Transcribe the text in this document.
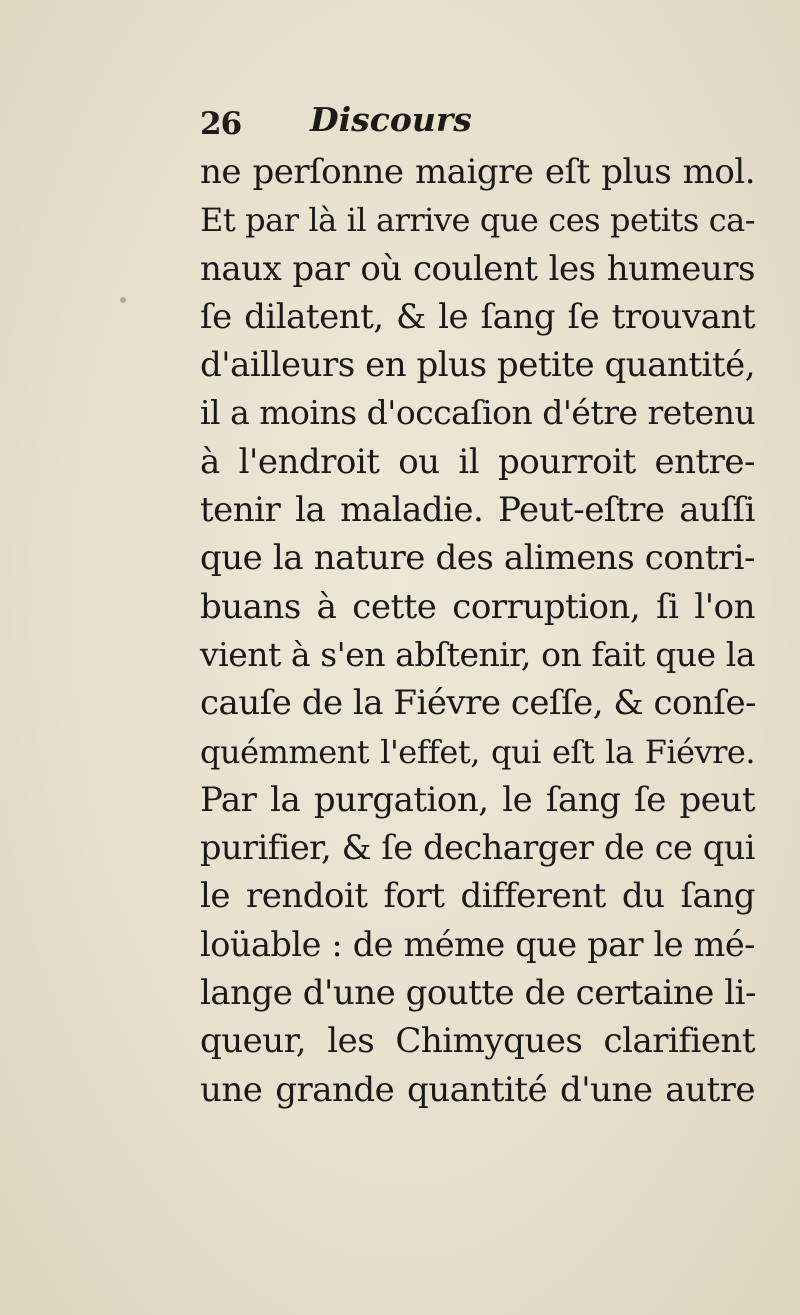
26 Discours
ne perſonne maigre eſt plus mol.
Et par là il arrive que ces petits ca-
naux par où coulent les humeurs
ſe dilatent, & le ſang ſe trouvant
d'ailleurs en plus petite quantité,
il a moins d'occaſion d'étre retenu
à l'endroit ou il pourroit entre-
tenir la maladie. Peut-eſtre auſſi
que la nature des alimens contri-
buans à cette corruption, ſi l'on
vient à s'en abſtenir, on fait que la
cauſe de la Fiévre ceſſe, & conſe-
quémment l'effet, qui eſt la Fiévre.
Par la purgation, le ſang ſe peut
purifier, & ſe decharger de ce qui
le rendoit fort different du ſang
loüable : de méme que par le mé-
lange d'une goutte de certaine li-
queur, les Chimyques clarifient
une grande quantité d'une autre
